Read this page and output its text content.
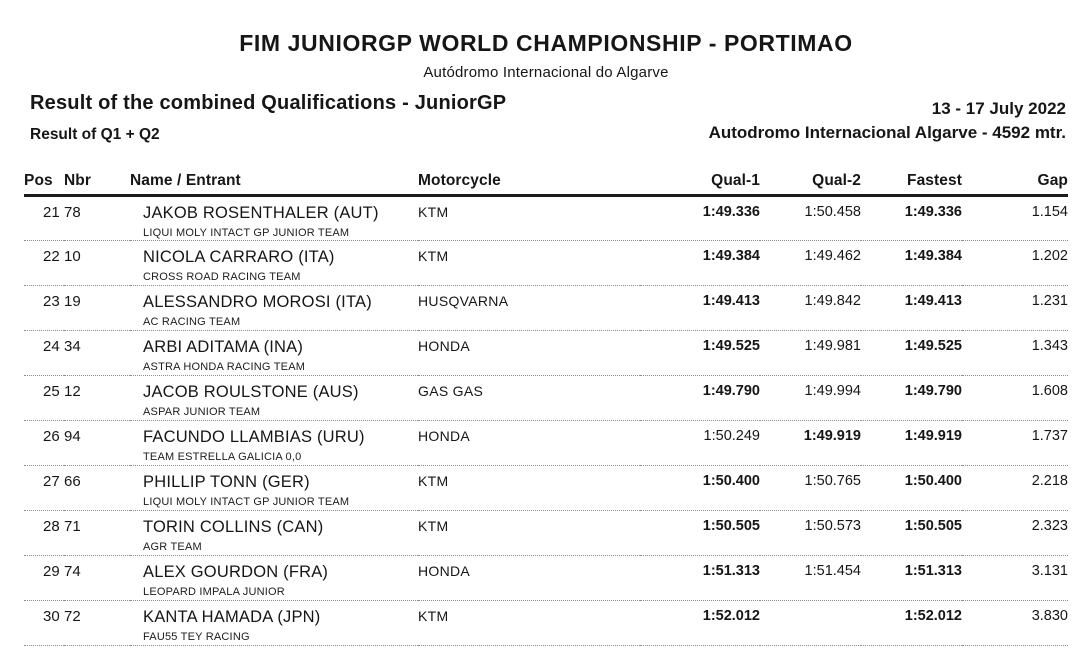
FIM JUNIORGP WORLD CHAMPIONSHIP - PORTIMAO
Autódromo Internacional do Algarve
Result of the combined Qualifications - JuniorGP
Result of Q1 + Q2
13 - 17 July 2022
Autodromo Internacional Algarve - 4592 mtr.
Pos	Nbr	Name / Entrant	Motorcycle	Qual-1	Qual-2	Fastest	Gap
21	78	JAKOB ROSENTHALER (AUT)
LIQUI MOLY INTACT GP JUNIOR TEAM	KTM	1:49.336	1:50.458	1:49.336	1.154
22	10	NICOLA CARRARO (ITA)
CROSS ROAD RACING TEAM	KTM	1:49.384	1:49.462	1:49.384	1.202
23	19	ALESSANDRO MOROSI (ITA)
AC RACING TEAM	HUSQVARNA	1:49.413	1:49.842	1:49.413	1.231
24	34	ARBI ADITAMA (INA)
ASTRA HONDA RACING TEAM	HONDA	1:49.525	1:49.981	1:49.525	1.343
25	12	JACOB ROULSTONE (AUS)
ASPAR JUNIOR TEAM	GAS GAS	1:49.790	1:49.994	1:49.790	1.608
26	94	FACUNDO LLAMBIAS (URU)
TEAM ESTRELLA GALICIA 0,0	HONDA	1:50.249	1:49.919	1:49.919	1.737
27	66	PHILLIP TONN (GER)
LIQUI MOLY INTACT GP JUNIOR TEAM	KTM	1:50.400	1:50.765	1:50.400	2.218
28	71	TORIN COLLINS (CAN)
AGR TEAM	KTM	1:50.505	1:50.573	1:50.505	2.323
29	74	ALEX GOURDON (FRA)
LEOPARD IMPALA JUNIOR	HONDA	1:51.313	1:51.454	1:51.313	3.131
30	72	KANTA HAMADA (JPN)
FAU55 TEY RACING	KTM	1:52.012		1:52.012	3.830
